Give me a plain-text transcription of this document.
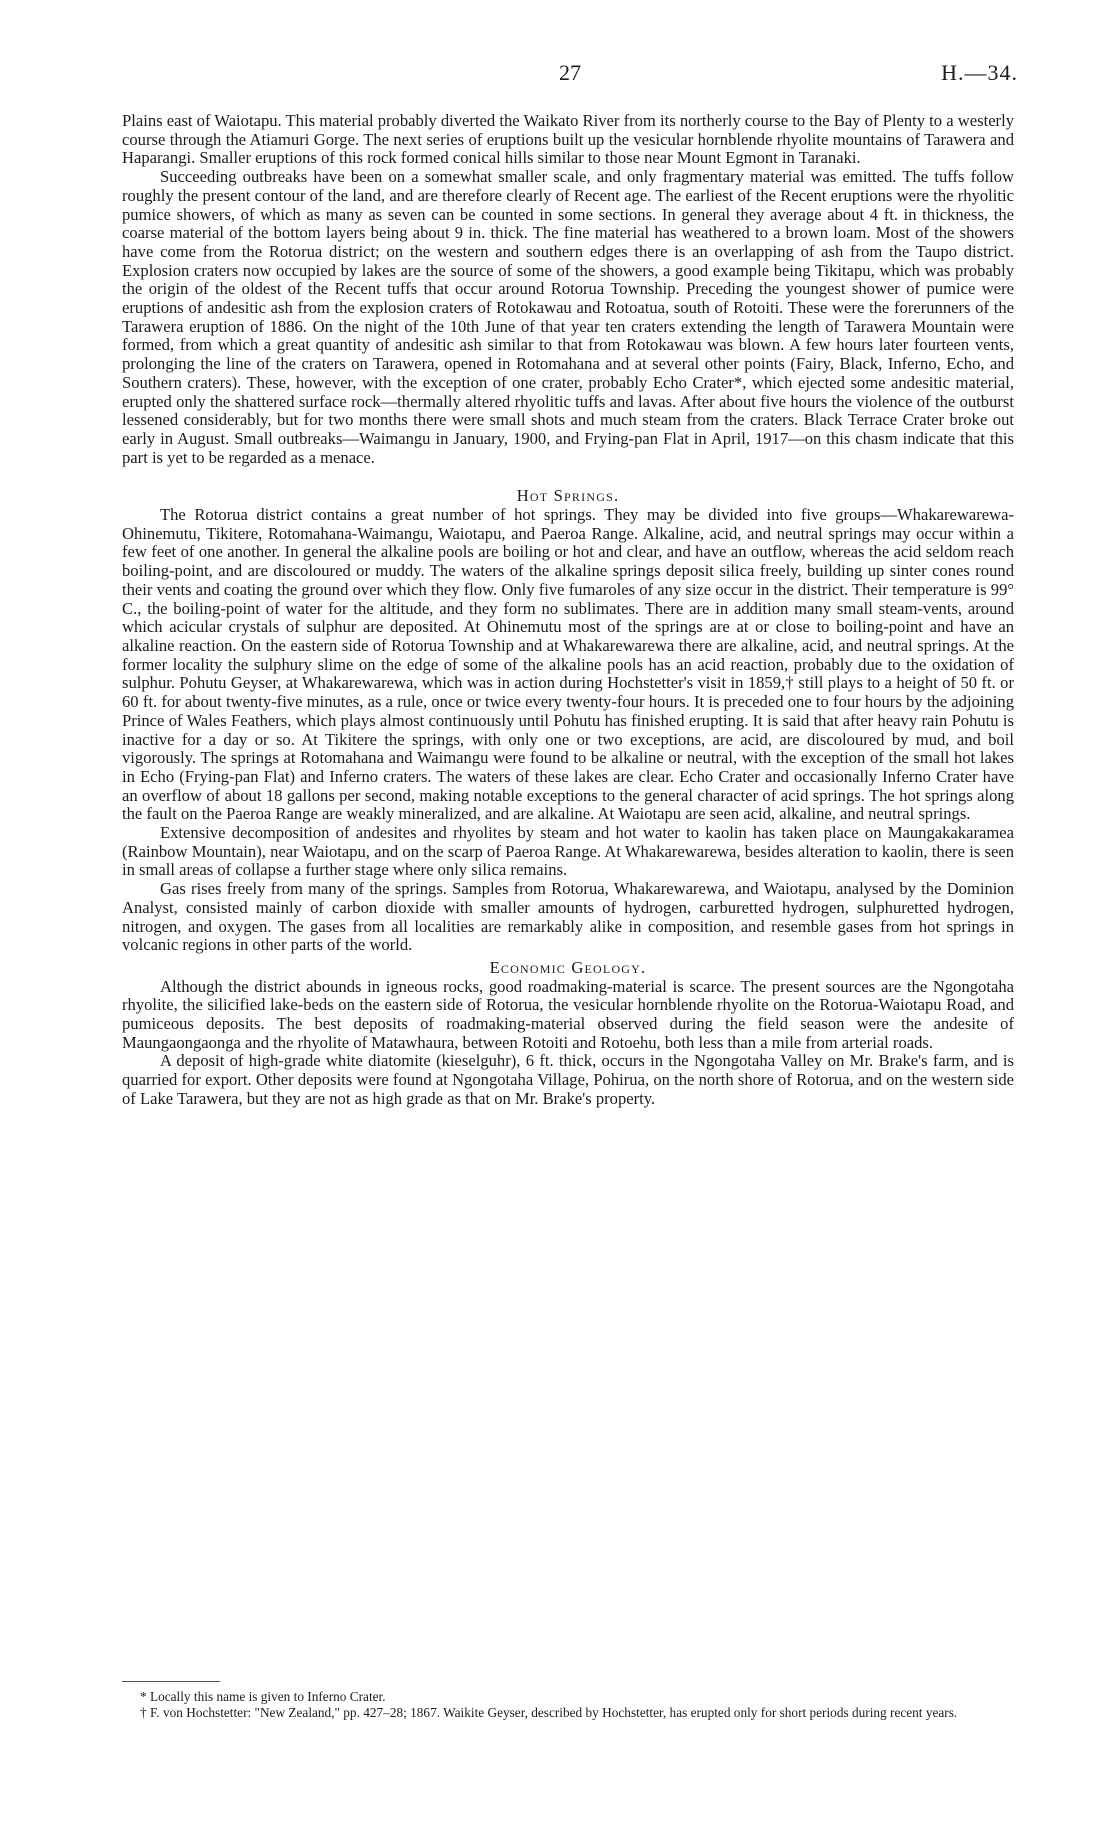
27	H.—34.

Plains east of Waiotapu. This material probably diverted the Waikato River from its northerly course to the Bay of Plenty to a westerly course through the Atiamuri Gorge. The next series of eruptions built up the vesicular hornblende rhyolite mountains of Tarawera and Haparangi. Smaller eruptions of this rock formed conical hills similar to those near Mount Egmont in Taranaki.

Succeeding outbreaks have been on a somewhat smaller scale, and only fragmentary material was emitted. The tuffs follow roughly the present contour of the land, and are therefore clearly of Recent age. The earliest of the Recent eruptions were the rhyolitic pumice showers, of which as many as seven can be counted in some sections. In general they average about 4 ft. in thickness, the coarse material of the bottom layers being about 9 in. thick. The fine material has weathered to a brown loam. Most of the showers have come from the Rotorua district; on the western and southern edges there is an overlapping of ash from the Taupo district. Explosion craters now occupied by lakes are the source of some of the showers, a good example being Tikitapu, which was probably the origin of the oldest of the Recent tuffs that occur around Rotorua Township. Preceding the youngest shower of pumice were eruptions of andesitic ash from the explosion craters of Rotokawau and Rotoatua, south of Rotoiti. These were the forerunners of the Tarawera eruption of 1886. On the night of the 10th June of that year ten craters extending the length of Tarawera Mountain were formed, from which a great quantity of andesitic ash similar to that from Rotokawau was blown. A few hours later fourteen vents, prolonging the line of the craters on Tarawera, opened in Rotomahana and at several other points (Fairy, Black, Inferno, Echo, and Southern craters). These, however, with the exception of one crater, probably Echo Crater*, which ejected some andesitic material, erupted only the shattered surface rock—thermally altered rhyolitic tuffs and lavas. After about five hours the violence of the outburst lessened considerably, but for two months there were small shots and much steam from the craters. Black Terrace Crater broke out early in August. Small outbreaks—Waimangu in January, 1900, and Frying-pan Flat in April, 1917—on this chasm indicate that this part is yet to be regarded as a menace.

Hot Springs.

The Rotorua district contains a great number of hot springs. They may be divided into five groups—Whakarewarewa-Ohinemutu, Tikitere, Rotomahana-Waimangu, Waiotapu, and Paeroa Range. Alkaline, acid, and neutral springs may occur within a few feet of one another. In general the alkaline pools are boiling or hot and clear, and have an outflow, whereas the acid seldom reach boiling-point, and are discoloured or muddy. The waters of the alkaline springs deposit silica freely, building up sinter cones round their vents and coating the ground over which they flow. Only five fumaroles of any size occur in the district. Their temperature is 99° C., the boiling-point of water for the altitude, and they form no sublimates. There are in addition many small steam-vents, around which acicular crystals of sulphur are deposited. At Ohinemutu most of the springs are at or close to boiling-point and have an alkaline reaction. On the eastern side of Rotorua Township and at Whakarewarewa there are alkaline, acid, and neutral springs. At the former locality the sulphury slime on the edge of some of the alkaline pools has an acid reaction, probably due to the oxidation of sulphur. Pohutu Geyser, at Whakarewarewa, which was in action during Hochstetter's visit in 1859,† still plays to a height of 50 ft. or 60 ft. for about twenty-five minutes, as a rule, once or twice every twenty-four hours. It is preceded one to four hours by the adjoining Prince of Wales Feathers, which plays almost continuously until Pohutu has finished erupting. It is said that after heavy rain Pohutu is inactive for a day or so. At Tikitere the springs, with only one or two exceptions, are acid, are discoloured by mud, and boil vigorously. The springs at Rotomahana and Waimangu were found to be alkaline or neutral, with the exception of the small hot lakes in Echo (Frying-pan Flat) and Inferno craters. The waters of these lakes are clear. Echo Crater and occasionally Inferno Crater have an overflow of about 18 gallons per second, making notable exceptions to the general character of acid springs. The hot springs along the fault on the Paeroa Range are weakly mineralized, and are alkaline. At Waiotapu are seen acid, alkaline, and neutral springs.

Extensive decomposition of andesites and rhyolites by steam and hot water to kaolin has taken place on Maungakakaramea (Rainbow Mountain), near Waiotapu, and on the scarp of Paeroa Range. At Whakarewarewa, besides alteration to kaolin, there is seen in small areas of collapse a further stage where only silica remains.

Gas rises freely from many of the springs. Samples from Rotorua, Whakarewarewa, and Waiotapu, analysed by the Dominion Analyst, consisted mainly of carbon dioxide with smaller amounts of hydrogen, carburetted hydrogen, sulphuretted hydrogen, nitrogen, and oxygen. The gases from all localities are remarkably alike in composition, and resemble gases from hot springs in volcanic regions in other parts of the world.

Economic Geology.

Although the district abounds in igneous rocks, good roadmaking-material is scarce. The present sources are the Ngongotaha rhyolite, the silicified lake-beds on the eastern side of Rotorua, the vesicular hornblende rhyolite on the Rotorua-Waiotapu Road, and pumiceous deposits. The best deposits of roadmaking-material observed during the field season were the andesite of Maungaongaonga and the rhyolite of Matawhaura, between Rotoiti and Rotoehu, both less than a mile from arterial roads.

A deposit of high-grade white diatomite (kieselguhr), 6 ft. thick, occurs in the Ngongotaha Valley on Mr. Brake's farm, and is quarried for export. Other deposits were found at Ngongotaha Village, Pohirua, on the north shore of Rotorua, and on the western side of Lake Tarawera, but they are not as high grade as that on Mr. Brake's property.

* Locally this name is given to Inferno Crater.

† F. von Hochstetter: "New Zealand," pp. 427–28; 1867. Waikite Geyser, described by Hochstetter, has erupted only for short periods during recent years.
